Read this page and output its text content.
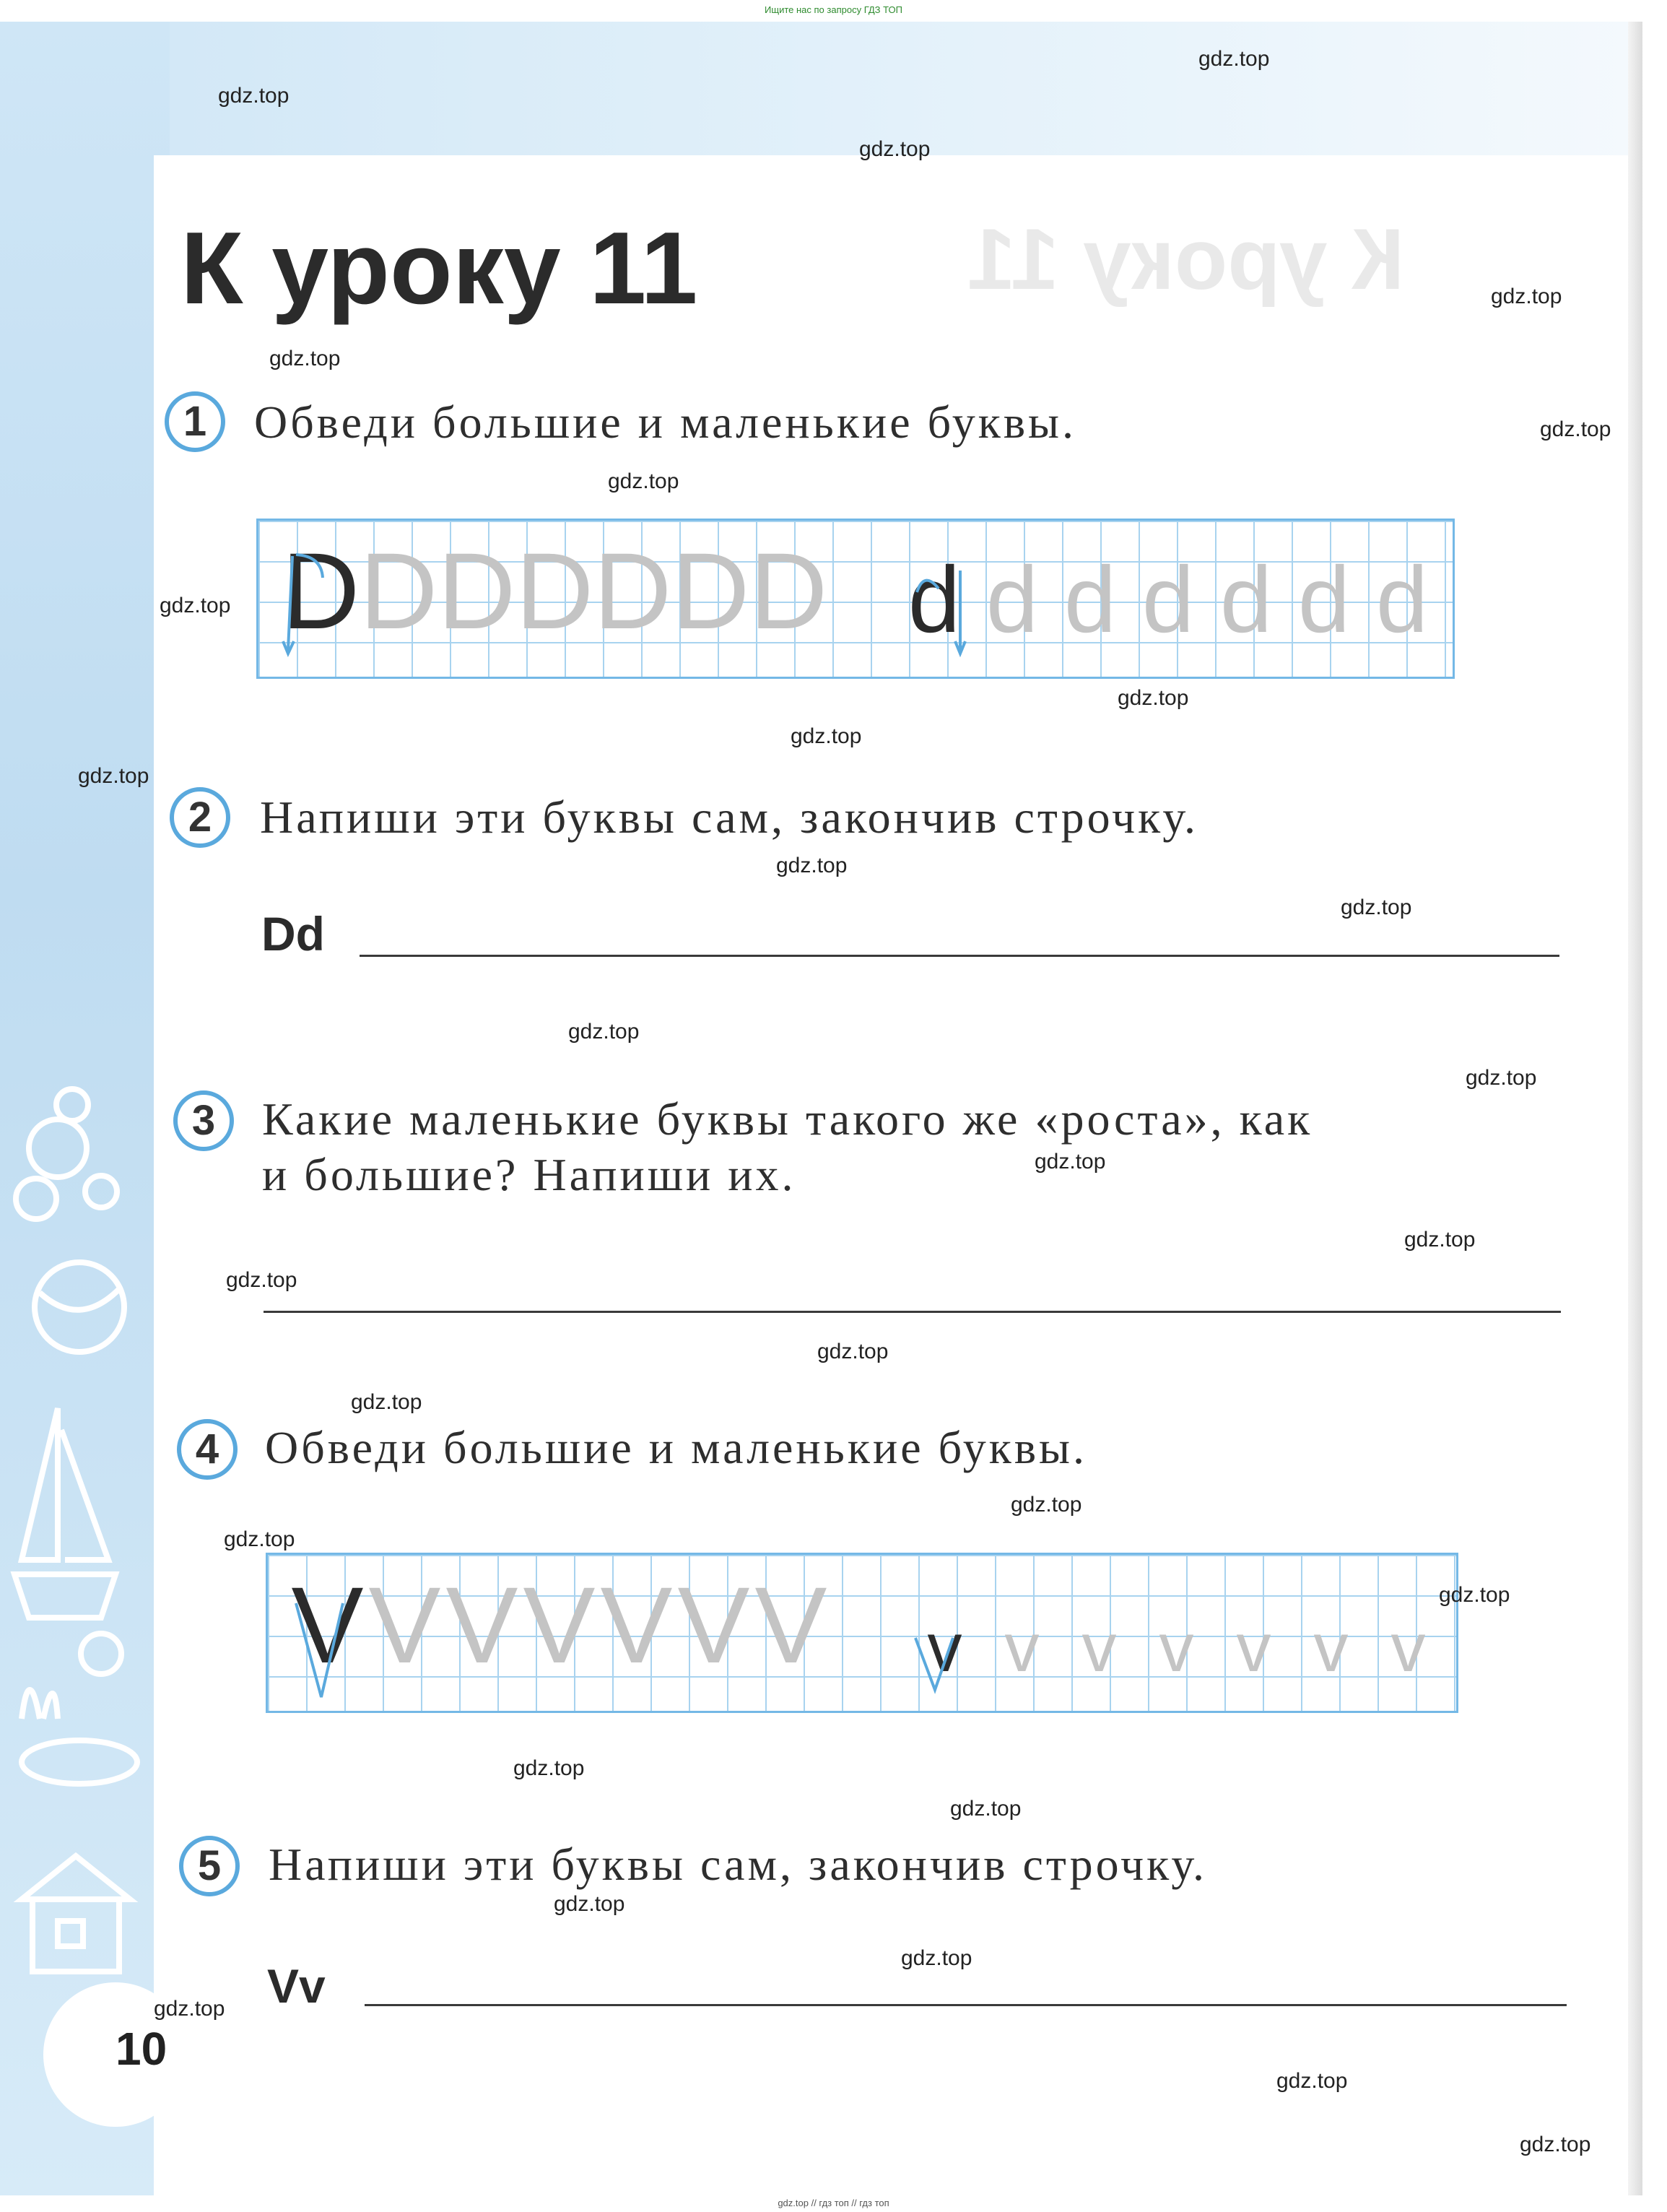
К уроку 11
Ищите нас по запросу ГДЗ ТОП
К уроку 11
1	Обведи большие и маленькие буквы.
D D D D D D D d d d d d d d
2	Напиши эти буквы сам, закончив строчку.
Dd
3	Какие маленькие буквы такого же «роста», как
и большие? Напиши их.
4 Обведи большие и маленькие буквы.
V V V V V V V	v v v v v v v
5	Напиши эти буквы сам, закончив строчку.
Vv
10
gdz.top
gdz.top
gdz.top
gdz.top
gdz.top
gdz.top
gdz.top
gdz.top
gdz.top
gdz.top
gdz.top
gdz.top
gdz.top
gdz.top
gdz.top
gdz.top
gdz.top
gdz.top
gdz.top
gdz.top
gdz.top
gdz.top
gdz.top
gdz.top
gdz.top
gdz.top
gdz.top
gdz.top
gdz.top
gdz.top
gdz.top // гдз топ // гдз топ
